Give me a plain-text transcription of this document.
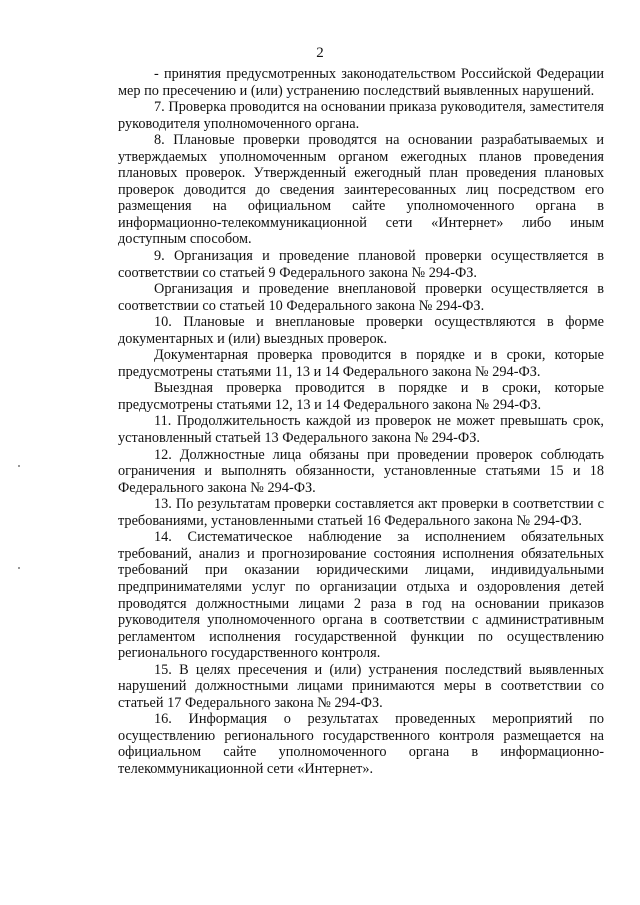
2

- принятия предусмотренных законодательством Российской Федерации мер по пресечению и (или) устранению последствий выявленных нарушений.

7. Проверка проводится на основании приказа руководителя, заместителя руководителя уполномоченного органа.

8. Плановые проверки проводятся на основании разрабатываемых и утверждаемых уполномоченным органом ежегодных планов проведения плановых проверок. Утвержденный ежегодный план проведения плановых проверок доводится до сведения заинтересованных лиц посредством его размещения на официальном сайте уполномоченного органа в информационно-телекоммуникационной сети «Интернет» либо иным доступным способом.

9. Организация и проведение плановой проверки осуществляется в соответствии со статьей 9 Федерального закона № 294-ФЗ.

Организация и проведение внеплановой проверки осуществляется в соответствии со статьей 10 Федерального закона № 294-ФЗ.

10. Плановые и внеплановые проверки осуществляются в форме документарных и (или) выездных проверок.

Документарная проверка проводится в порядке и в сроки, которые предусмотрены статьями 11, 13 и 14 Федерального закона № 294-ФЗ.

Выездная проверка проводится в порядке и в сроки, которые предусмотрены статьями 12, 13 и 14 Федерального закона № 294-ФЗ.

11. Продолжительность каждой из проверок не может превышать срок, установленный статьей 13 Федерального закона № 294-ФЗ.

12. Должностные лица обязаны при проведении проверок соблюдать ограничения и выполнять обязанности, установленные статьями 15 и 18 Федерального закона № 294-ФЗ.

13. По результатам проверки составляется акт проверки в соответствии с требованиями, установленными статьей 16 Федерального закона № 294-ФЗ.

14. Систематическое наблюдение за исполнением обязательных требований, анализ и прогнозирование состояния исполнения обязательных требований при оказании юридическими лицами, индивидуальными предпринимателями услуг по организации отдыха и оздоровления детей проводятся должностными лицами 2 раза в год на основании приказов руководителя уполномоченного органа в соответствии с административным регламентом исполнения государственной функции по осуществлению регионального государственного контроля.

15. В целях пресечения и (или) устранения последствий выявленных нарушений должностными лицами принимаются меры в соответствии со статьей 17 Федерального закона № 294-ФЗ.

16. Информация о результатах проведенных мероприятий по осуществлению регионального государственного контроля размещается на официальном сайте уполномоченного органа в информационно-телекоммуникационной сети «Интернет».
